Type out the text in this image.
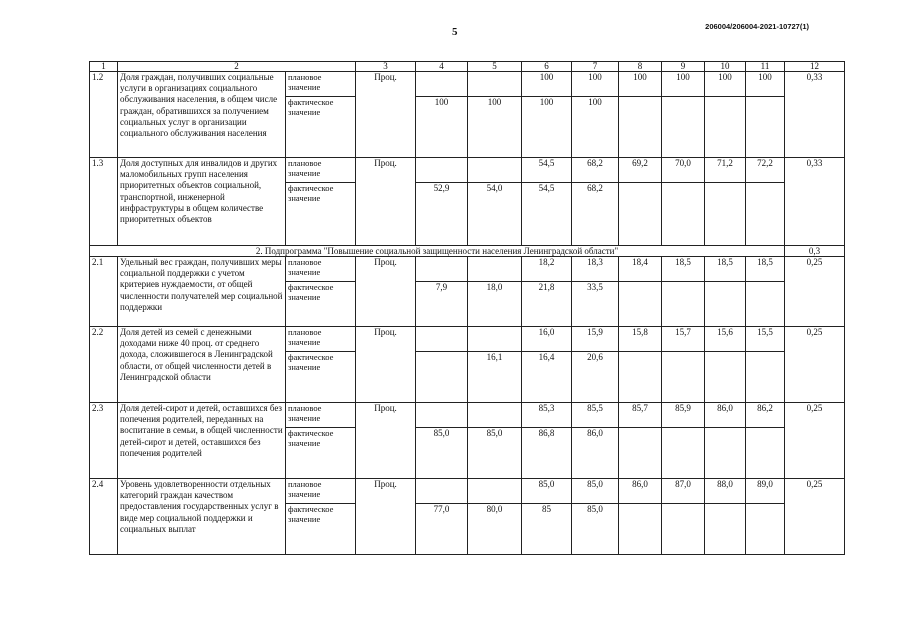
5	206004/206004-2021-10727(1)
1	2		3	4	5	6	7	8	9	10	11	12
1.2	Доля граждан, получивших социальные услуги в организациях социального обслуживания населения, в общем числе граждан, обратившихся за получением социальных услуг в организации социального обслуживания населения	плановое значение	Проц.			100	100	100	100	100	100	0,33
		фактическое значение		100	100	100	100					
1.3	Доля доступных для инвалидов и других маломобильных групп населения приоритетных объектов социальной, транспортной, инженерной инфраструктуры в общем количестве приоритетных объектов	плановое значение	Проц.			54,5	68,2	69,2	70,0	71,2	72,2	0,33
		фактическое значение		52,9	54,0	54,5	68,2					
2. Подпрограмма "Повышение социальной защищенности населения Ленинградской области"												0,3
2.1	Удельный вес граждан, получивших меры социальной поддержки с учетом критериев нуждаемости, от общей численности получателей мер социальной поддержки	плановое значение	Проц.			18,2	18,3	18,4	18,5	18,5	18,5	0,25
		фактическое значение		7,9	18,0	21,8	33,5					
2.2	Доля детей из семей с денежными доходами ниже 40 проц. от среднего дохода, сложившегося в Ленинградской области, от общей численности детей в Ленинградской области	плановое значение	Проц.			16,0	15,9	15,8	15,7	15,6	15,5	0,25
		фактическое значение			16,1	16,4	20,6					
2.3	Доля детей-сирот и детей, оставшихся без попечения родителей, переданных на воспитание в семьи, в общей численности детей-сирот и детей, оставшихся без попечения родителей	плановое значение	Проц.			85,3	85,5	85,7	85,9	86,0	86,2	0,25
		фактическое значение		85,0	85,0	86,8	86,0					
2.4	Уровень удовлетворенности отдельных категорий граждан качеством предоставления государственных услуг в виде мер социальной поддержки и социальных выплат	плановое значение	Проц.			85,0	85,0	86,0	87,0	88,0	89,0	0,25
		фактическое значение		77,0	80,0	85	85,0					
